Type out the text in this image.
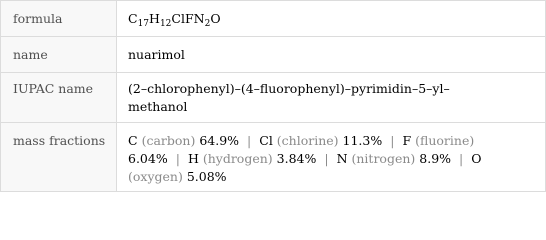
formula	$C_{17}H_{12}ClFN_2O$
name	nuarimol
IUPAC name	(2–chlorophenyl)–(4–fluorophenyl)–pyrimidin–5–yl–
methanol

mass fractions	C (carbon) 64.9% | Cl (chlorine) 11.3% | F (fluorine)
6.04% | H (hydrogen) 3.84% | N (nitrogen) 8.9% | O
(oxygen) 5.08%
